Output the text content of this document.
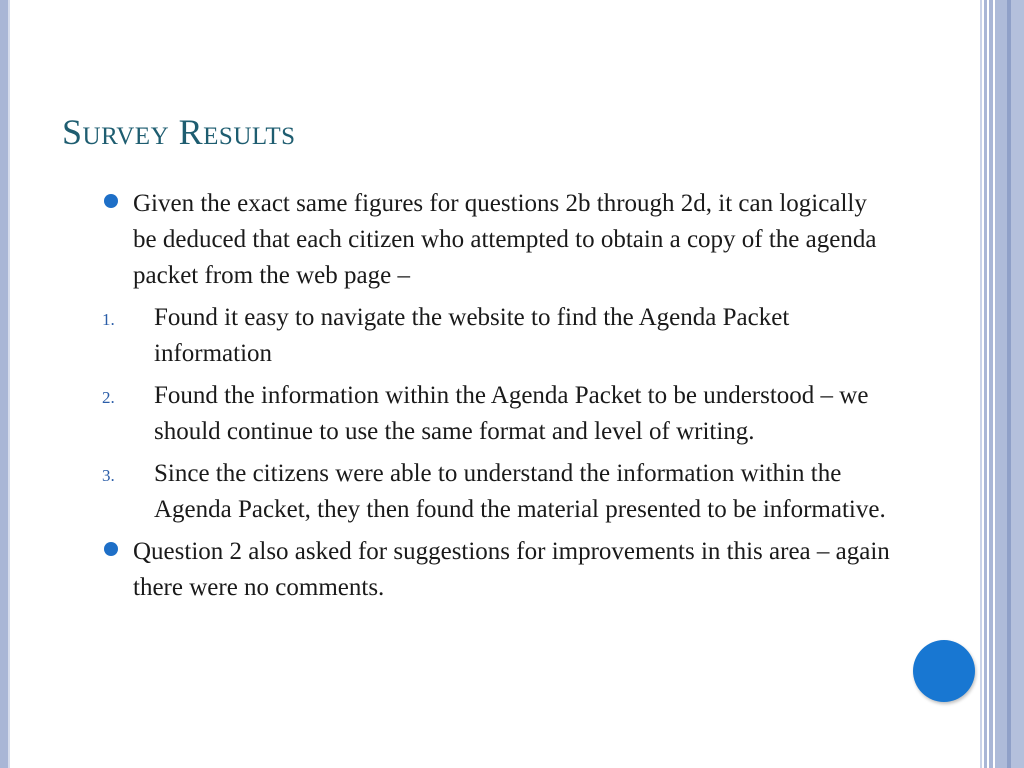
Survey Results
Given the exact same figures for questions 2b through 2d, it can logically be deduced that each citizen who attempted to obtain a copy of the agenda packet from the web page –
1. Found it easy to navigate the website to find the Agenda Packet information
2. Found the information within the Agenda Packet to be understood – we should continue to use the same format and level of writing.
3. Since the citizens were able to understand the information within the Agenda Packet, they then found the material presented to be informative.
Question 2 also asked for suggestions for improvements in this area – again there were no comments.
